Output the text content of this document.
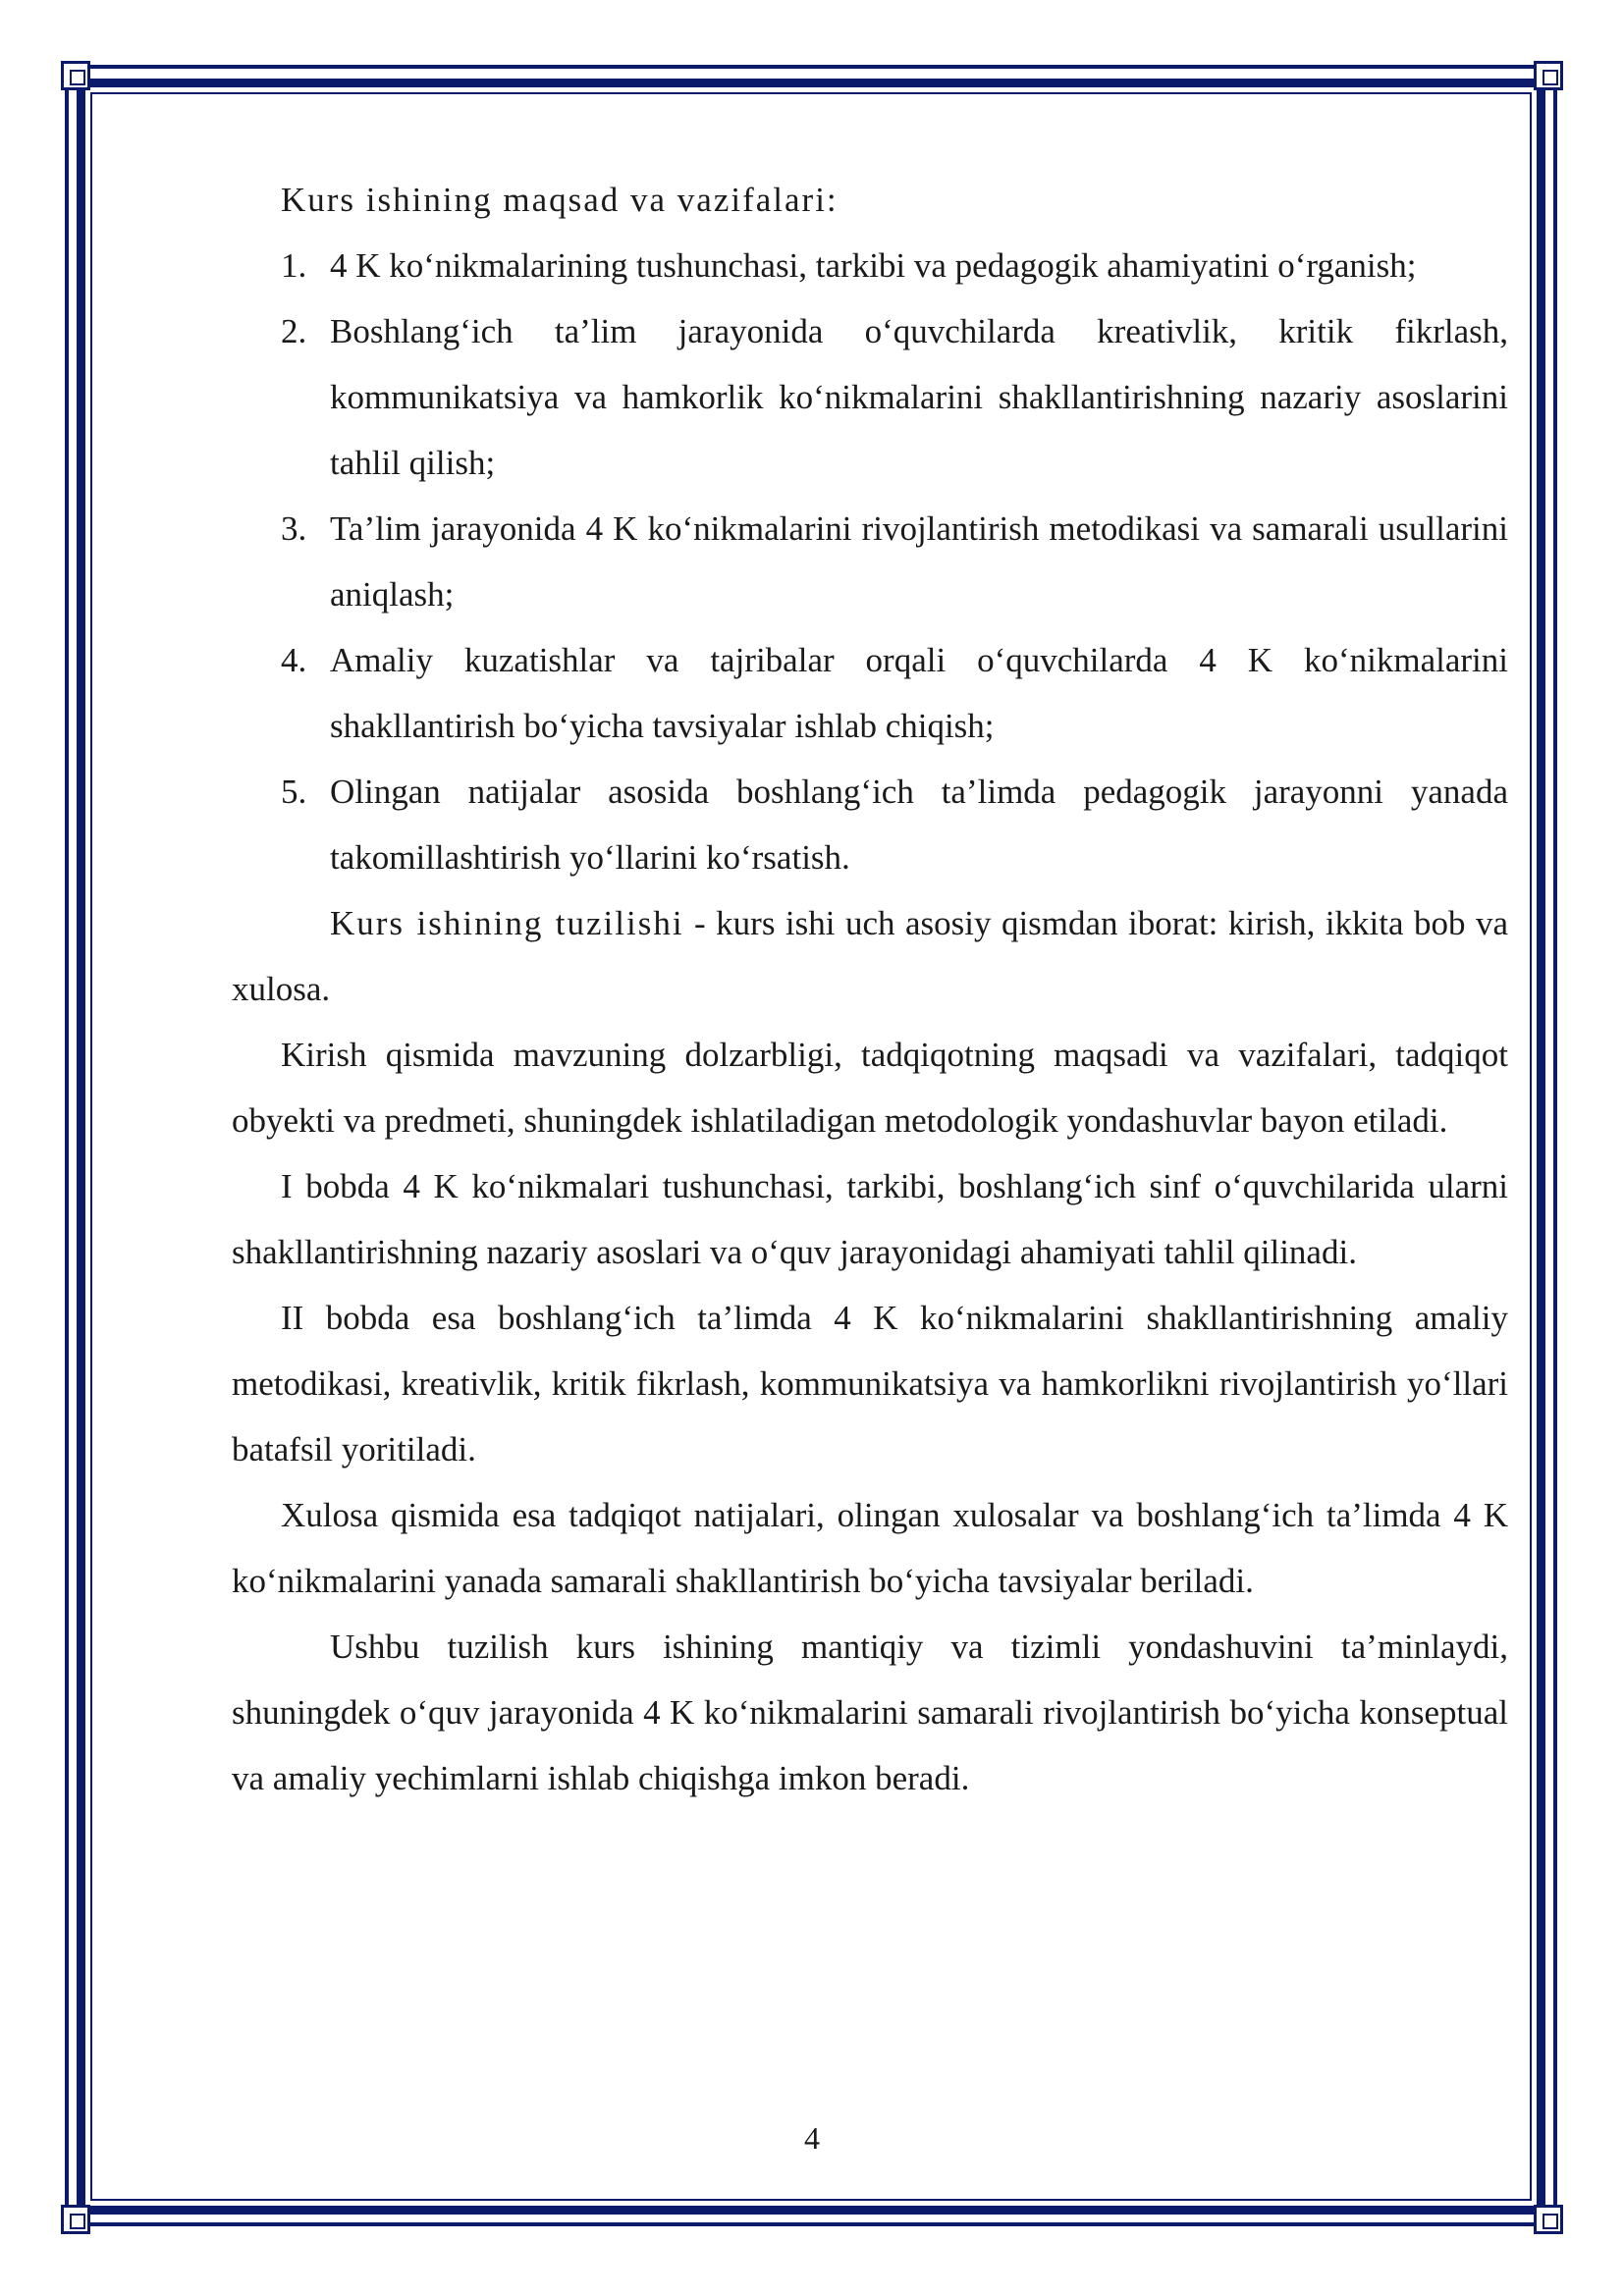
Kurs ishining maqsad va vazifalari:

1. 4 K ko‘nikmalarining tushunchasi, tarkibi va pedagogik ahamiyatini o‘rganish;
2. Boshlang‘ich ta’lim jarayonida o‘quvchilarda kreativlik, kritik fikrlash, kommunikatsiya va hamkorlik ko‘nikmalarini shakllantirishning nazariy asoslarini tahlil qilish;
3. Ta’lim jarayonida 4 K ko‘nikmalarini rivojlantirish metodikasi va samarali usullarini aniqlash;
4. Amaliy kuzatishlar va tajribalar orqali o‘quvchilarda 4 K ko‘nikmalarini shakllantirish bo‘yicha tavsiyalar ishlab chiqish;
5. Olingan natijalar asosida boshlang‘ich ta’limda pedagogik jarayonni yanada takomillashtirish yo‘llarini ko‘rsatish.

Kurs ishining tuzilishi - kurs ishi uch asosiy qismdan iborat: kirish, ikkita bob va xulosa.

Kirish qismida mavzuning dolzarbligi, tadqiqotning maqsadi va vazifalari, tadqiqot obyekti va predmeti, shuningdek ishlatiladigan metodologik yondashuvlar bayon etiladi.

I bobda 4 K ko‘nikmalari tushunchasi, tarkibi, boshlang‘ich sinf o‘quvchilarida ularni shakllantirishning nazariy asoslari va o‘quv jarayonidagi ahamiyati tahlil qilinadi.

II bobda esa boshlang‘ich ta’limda 4 K ko‘nikmalarini shakllantirishning amaliy metodikasi, kreativlik, kritik fikrlash, kommunikatsiya va hamkorlikni rivojlantirish yo‘llari batafsil yoritiladi.

Xulosa qismida esa tadqiqot natijalari, olingan xulosalar va boshlang‘ich ta’limda 4 K ko‘nikmalarini yanada samarali shakllantirish bo‘yicha tavsiyalar beriladi.

Ushbu tuzilish kurs ishining mantiqiy va tizimli yondashuvini ta’minlaydi, shuningdek o‘quv jarayonida 4 K ko‘nikmalarini samarali rivojlantirish bo‘yicha konseptual va amaliy yechimlarni ishlab chiqishga imkon beradi.

4
